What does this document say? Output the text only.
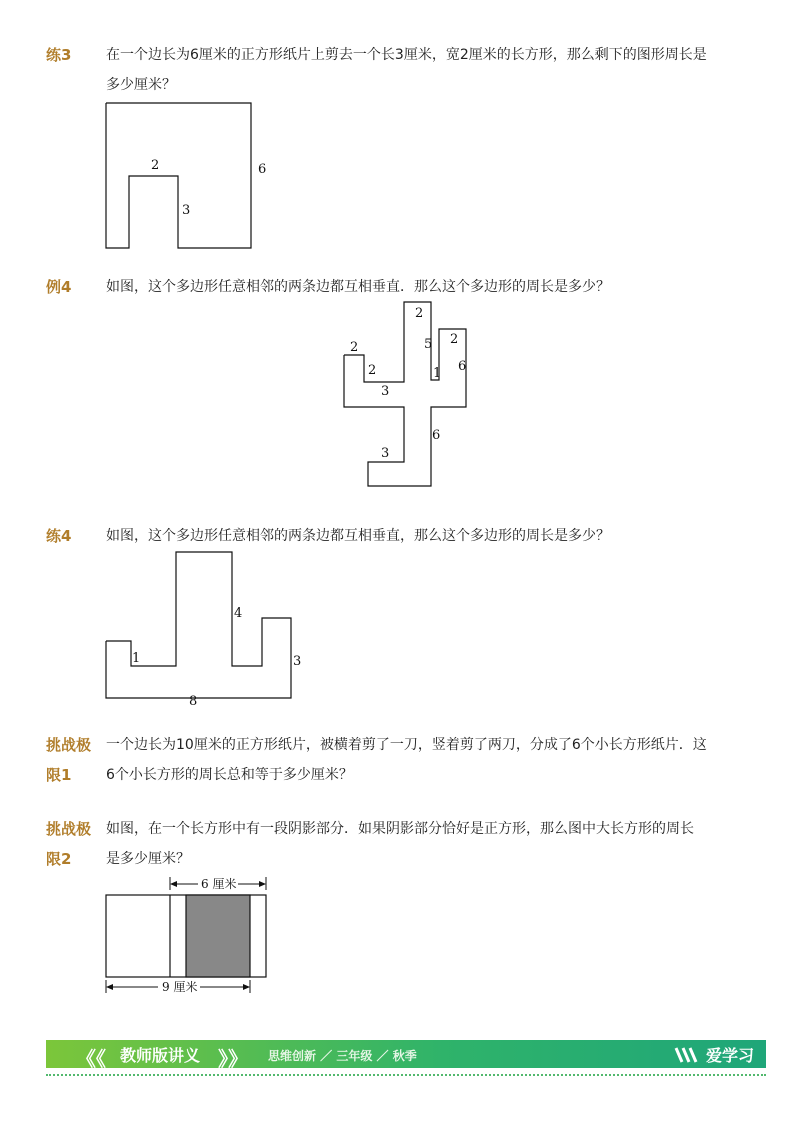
练3	在一个边长为6厘米的正方形纸片上剪去一个长3厘米，宽2厘米的长方形，那么剩下的图形周长是
多少厘米？
2
3
6
例4	如图，这个多边形任意相邻的两条边都互相垂直．那么这个多边形的周长是多少？
2
2
3
2
5
1
2
6
6
3
练4	如图，这个多边形任意相邻的两条边都互相垂直，那么这个多边形的周长是多少？
1
4
3
8
挑战极
限1
一个边长为10厘米的正方形纸片，被横着剪了一刀，竖着剪了两刀，分成了6个小长方形纸片．这
6个小长方形的周长总和等于多少厘米？
挑战极
限2
如图，在一个长方形中有一段阴影部分．如果阴影部分恰好是正方形，那么图中大长方形的周长
是多少厘米？
6 厘米
9 厘米
《《 教师版讲义 》》 思维创新 ／ 三年级 ／ 秋季	爱学习
